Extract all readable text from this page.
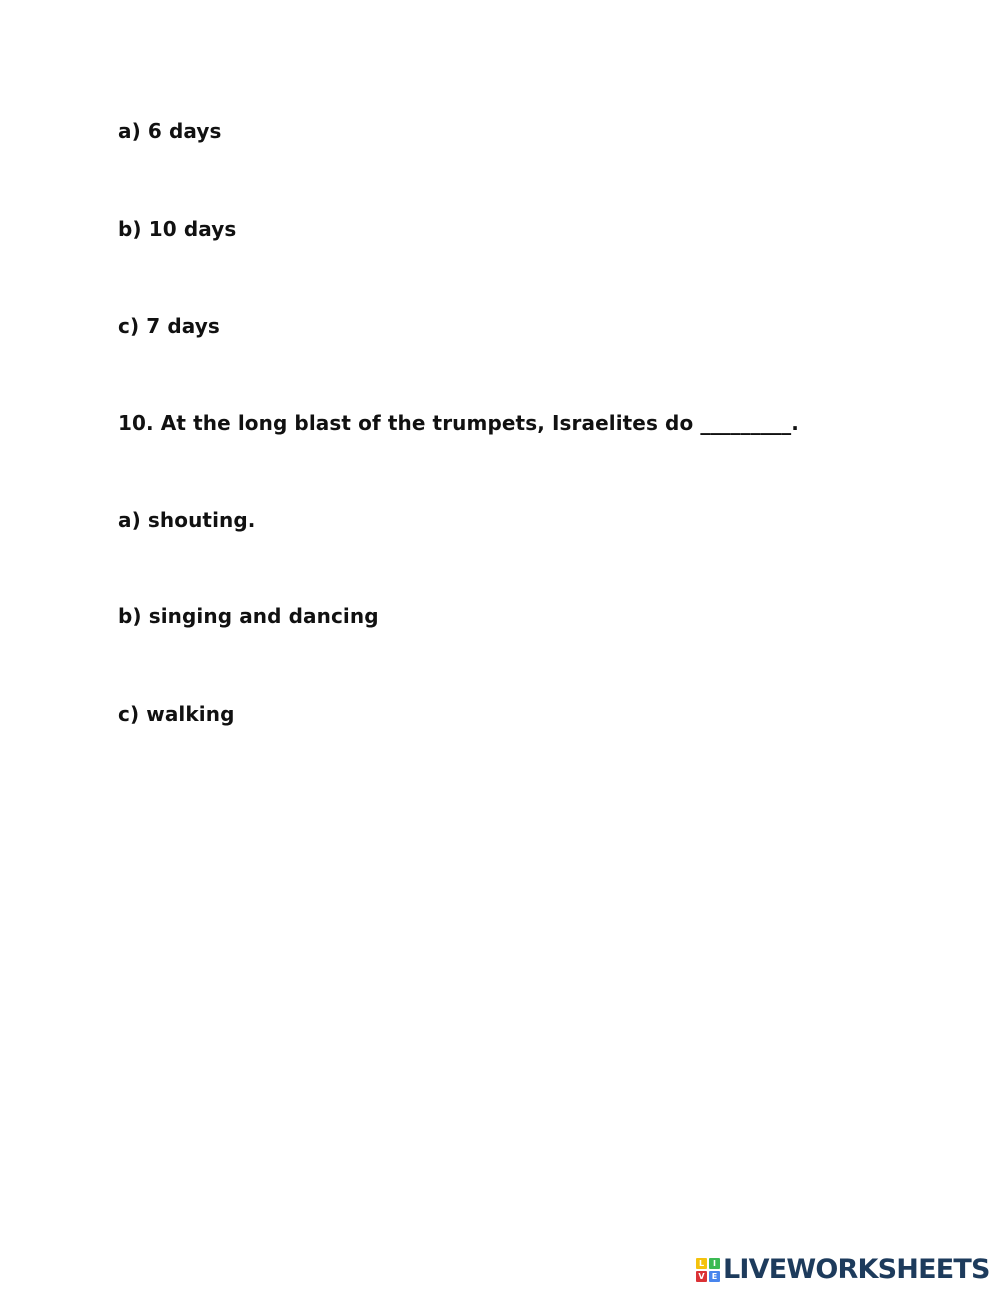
a) 6 days
b) 10 days
c) 7 days
10. At the long blast of the trumpets, Israelites do _________.
a) shouting.
b) singing and dancing
c) walking
L	I
V E LIVEWORKSHEETS
